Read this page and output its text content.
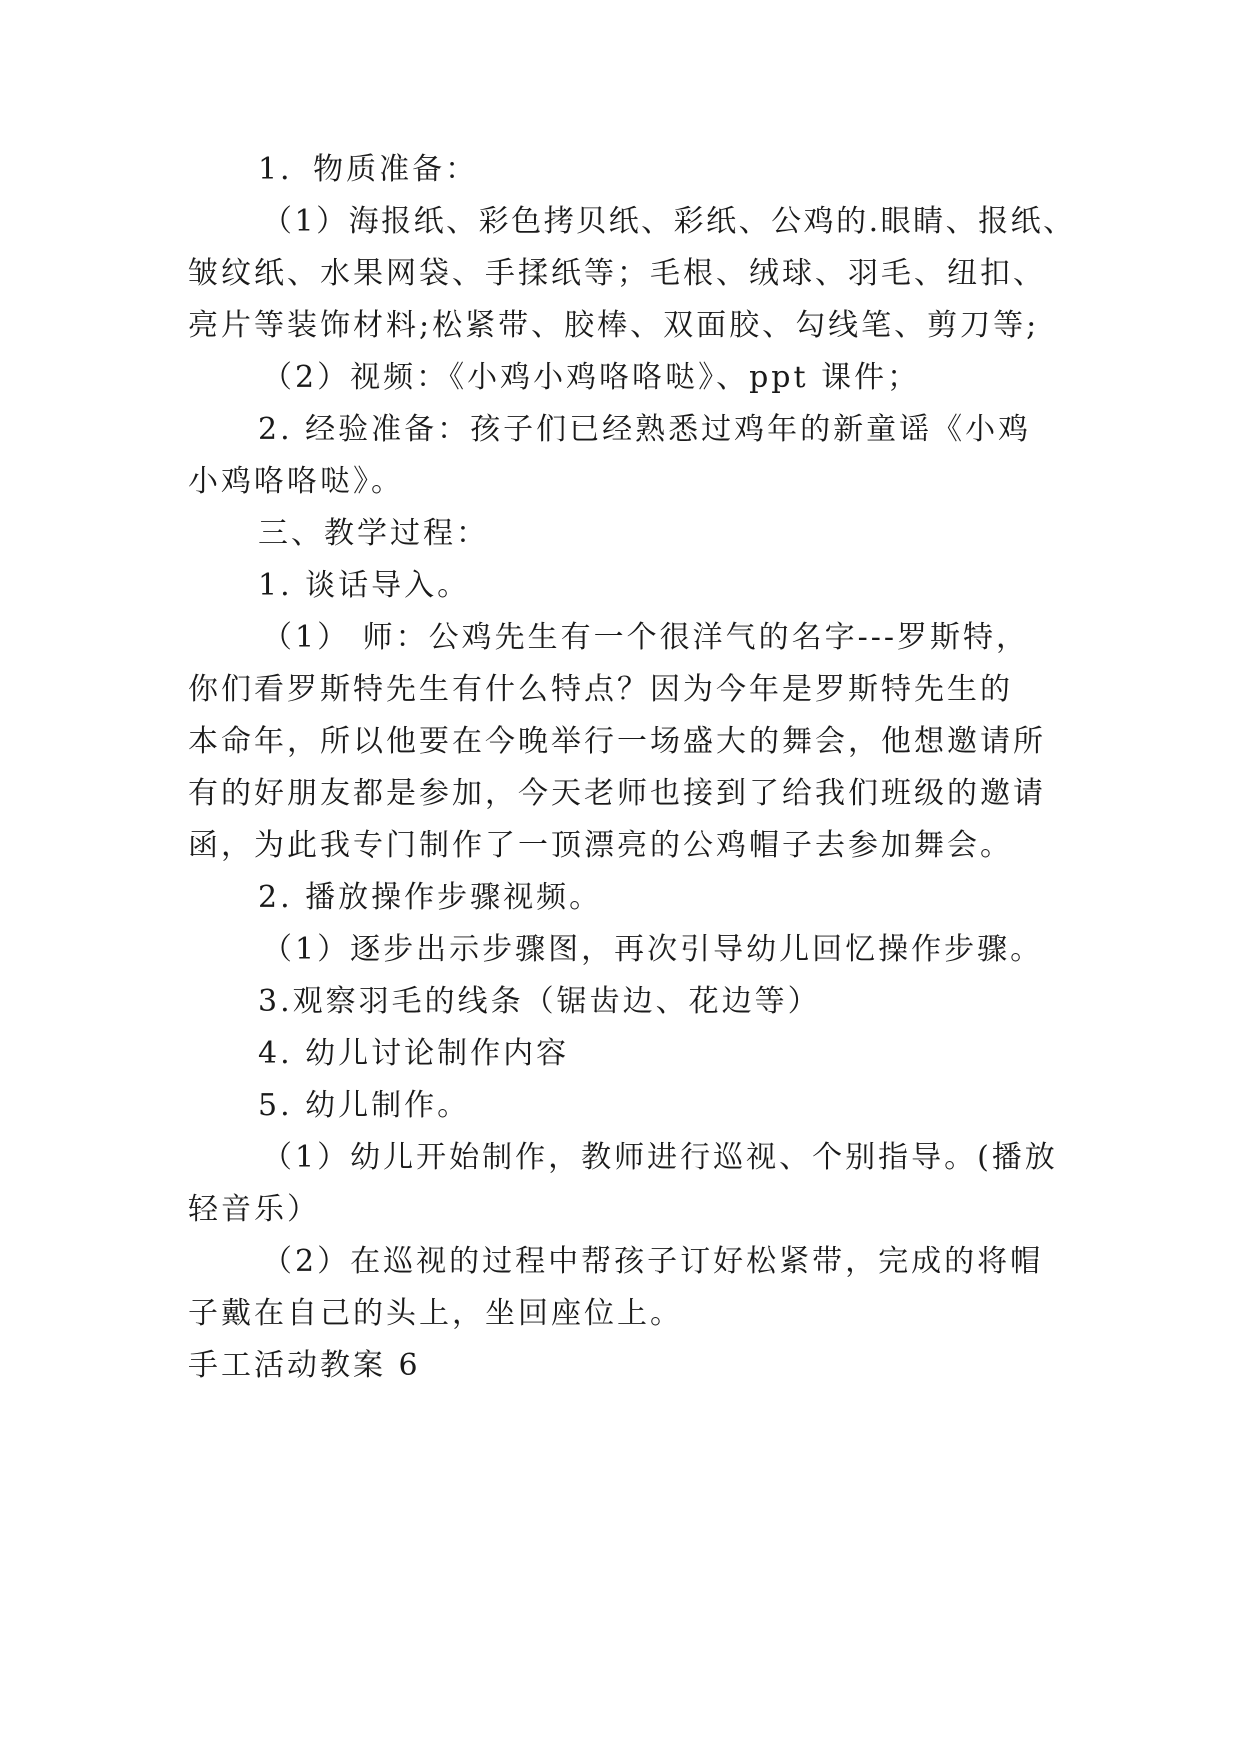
1．物质准备：
（1）海报纸、彩色拷贝纸、彩纸、公鸡的.眼睛、报纸、
皱纹纸、水果网袋、手揉纸等；毛根、绒球、羽毛、纽扣、
亮片等装饰材料;松紧带、胶棒、双面胶、勾线笔、剪刀等;
（2）视频：《小鸡小鸡咯咯哒》、ppt 课件；
2. 经验准备：孩子们已经熟悉过鸡年的新童谣《小鸡
小鸡咯咯哒》。
三、教学过程：
1. 谈话导入。
（1） 师：公鸡先生有一个很洋气的名字---罗斯特，
你们看罗斯特先生有什么特点？因为今年是罗斯特先生的
本命年，所以他要在今晚举行一场盛大的舞会，他想邀请所
有的好朋友都是参加，今天老师也接到了给我们班级的邀请
函，为此我专门制作了一顶漂亮的公鸡帽子去参加舞会。
2. 播放操作步骤视频。
（1）逐步出示步骤图，再次引导幼儿回忆操作步骤。
3.观察羽毛的线条（锯齿边、花边等）
4. 幼儿讨论制作内容
5. 幼儿制作。
（1）幼儿开始制作，教师进行巡视、个别指导。(播放
轻音乐）
（2）在巡视的过程中帮孩子订好松紧带，完成的将帽
子戴在自己的头上，坐回座位上。
手工活动教案 6
